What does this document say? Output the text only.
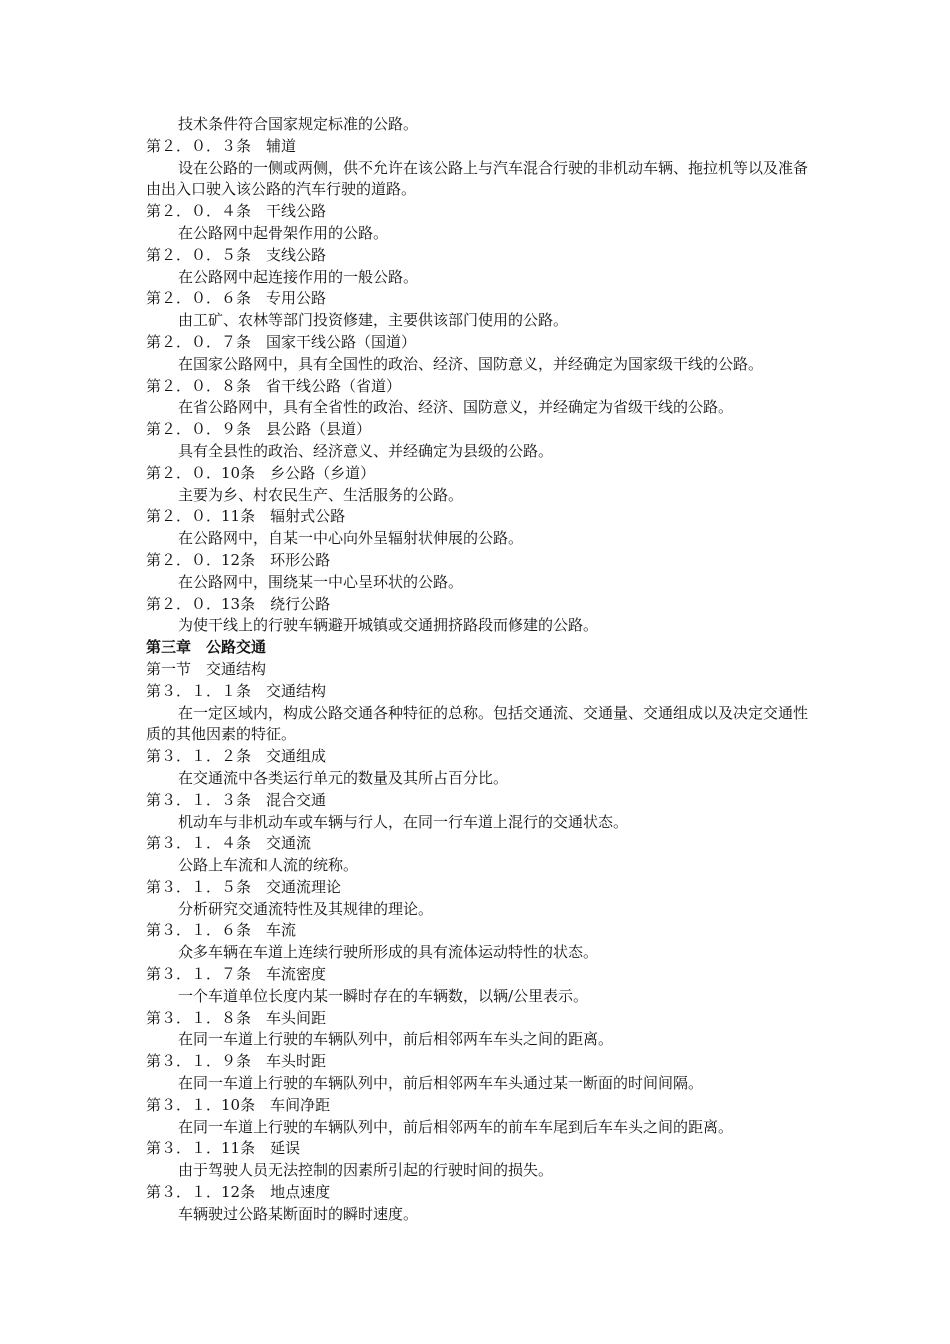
技术条件符合国家规定标准的公路。
第２．０．３条　辅道
设在公路的一侧或两侧，供不允许在该公路上与汽车混合行驶的非机动车辆、拖拉机等以及准备由出入口驶入该公路的汽车行驶的道路。
第２．０．４条　干线公路
在公路网中起骨架作用的公路。
第２．０．５条　支线公路
在公路网中起连接作用的一般公路。
第２．０．６条　专用公路
由工矿、农林等部门投资修建，主要供该部门使用的公路。
第２．０．７条　国家干线公路（国道）
在国家公路网中，具有全国性的政治、经济、国防意义，并经确定为国家级干线的公路。
第２．０．８条　省干线公路（省道）
在省公路网中，具有全省性的政治、经济、国防意义，并经确定为省级干线的公路。
第２．０．９条　县公路（县道）
具有全县性的政治、经济意义、并经确定为县级的公路。
第２．０．10条　乡公路（乡道）
主要为乡、村农民生产、生活服务的公路。
第２．０．11条　辐射式公路
在公路网中，自某一中心向外呈辐射状伸展的公路。
第２．０．12条　环形公路
在公路网中，围绕某一中心呈环状的公路。
第２．０．13条　绕行公路
为使干线上的行驶车辆避开城镇或交通拥挤路段而修建的公路。
第三章　公路交通
第一节　交通结构
第３．１．１条　交通结构
在一定区域内，构成公路交通各种特征的总称。包括交通流、交通量、交通组成以及决定交通性质的其他因素的特征。
第３．１．２条　交通组成
在交通流中各类运行单元的数量及其所占百分比。
第３．１．３条　混合交通
机动车与非机动车或车辆与行人，在同一行车道上混行的交通状态。
第３．１．４条　交通流
公路上车流和人流的统称。
第３．１．５条　交通流理论
分析研究交通流特性及其规律的理论。
第３．１．６条　车流
众多车辆在车道上连续行驶所形成的具有流体运动特性的状态。
第３．１．７条　车流密度
一个车道单位长度内某一瞬时存在的车辆数，以辆/公里表示。
第３．１．８条　车头间距
在同一车道上行驶的车辆队列中，前后相邻两车车头之间的距离。
第３．１．９条　车头时距
在同一车道上行驶的车辆队列中，前后相邻两车车头通过某一断面的时间间隔。
第３．１．10条　车间净距
在同一车道上行驶的车辆队列中，前后相邻两车的前车车尾到后车车头之间的距离。
第３．１．11条　延误
由于驾驶人员无法控制的因素所引起的行驶时间的损失。
第３．１．12条　地点速度
车辆驶过公路某断面时的瞬时速度。
